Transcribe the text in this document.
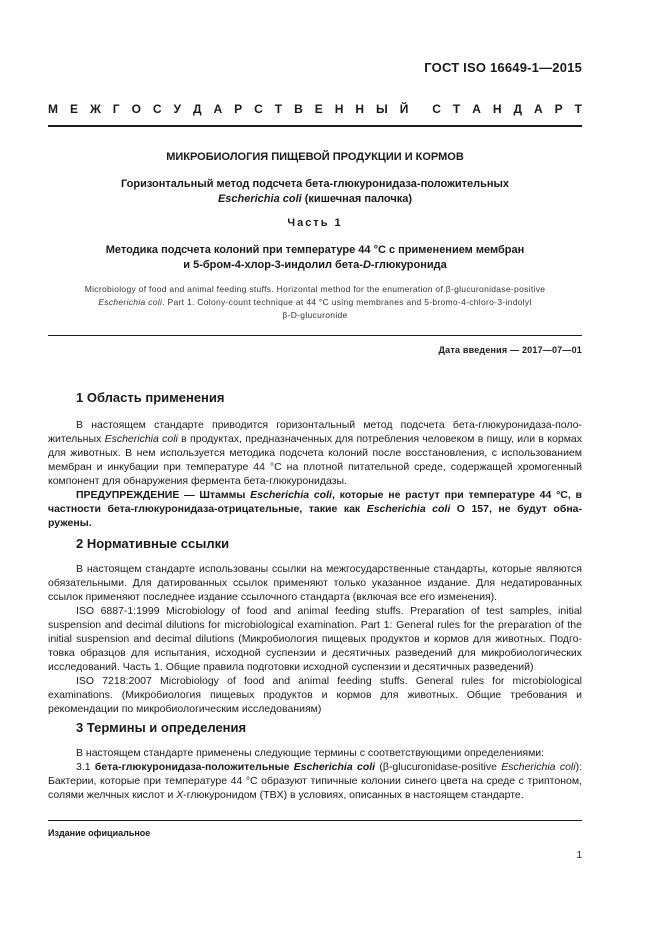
ГОСТ ISO 16649-1—2015
М Е Ж Г О С У Д А Р С Т В Е Н Н Ы Й С Т А Н Д А Р Т
МИКРОБИОЛОГИЯ ПИЩЕВОЙ ПРОДУКЦИИ И КОРМОВ
Горизонтальный метод подсчета бета-глюкуронидаза-положительных
Escherichia coli (кишечная палочка)
Часть 1
Методика подсчета колоний при температуре 44 °C с применением мембран
и 5-бром-4-хлор-3-индолил бета-D-глюкуронида
Microbiology of food and animal feeding stuffs. Horizontal method for the enumeration of β-glucuronidase-positive
Escherichia coli. Part 1. Colony-count technique at 44 °C using membranes and 5-bromo-4-chloro-3-indolyl
β-D-glucuronide
Дата введения — 2017—07—01
1 Область применения

В настоящем стандарте приводится горизонтальный метод подсчета бета-глюкуронидаза-положительных Escherichia coli в продуктах, предназначенных для потребления человеком в пищу, или в кормах для животных. В нем используется методика подсчета колоний после восстановления, с использованием мембран и инкубации при температуре 44 °C на плотной питательной среде, содержащей хромогенный компонент для обнаружения фермента бета-глюкуронидазы.

ПРЕДУПРЕЖДЕНИЕ — Штаммы Escherichia coli, которые не растут при температуре 44 °C, в частности бета-глюкуронидаза-отрицательные, такие как Escherichia coli O 157, не будут обнаружены.

2 Нормативные ссылки

В настоящем стандарте использованы ссылки на межгосударственные стандарты, которые являются обязательными. Для датированных ссылок применяют только указанное издание. Для недатированных ссылок применяют последнее издание ссылочного стандарта (включая все его изменения).

ISO 6887-1:1999 Microbiology of food and animal feeding stuffs. Preparation of test samples, initial suspension and decimal dilutions for microbiological examination. Part 1: General rules for the preparation of the initial suspension and decimal dilutions (Микробиология пищевых продуктов и кормов для животных. Подготовка образцов для испытания, исходной суспензии и десятичных разведений для микробиологических исследований. Часть 1. Общие правила подготовки исходной суспензии и десятичных разведений)

ISO 7218:2007 Microbiology of food and animal feeding stuffs. General rules for microbiological examinations. (Микробиология пищевых продуктов и кормов для животных. Общие требования и рекомендации по микробиологическим исследованиям)

3 Термины и определения

В настоящем стандарте применены следующие термины с соответствующими определениями:

3.1 бета-глюкуронидаза-положительные Escherichia coli (β-glucuronidase-positive Escherichia coli): Бактерии, которые при температуре 44 °C образуют типичные колонии синего цвета на среде с триптоном, солями желчных кислот и X-глюкуронидом (TBX) в условиях, описанных в настоящем стандарте.

Издание официальное
1
